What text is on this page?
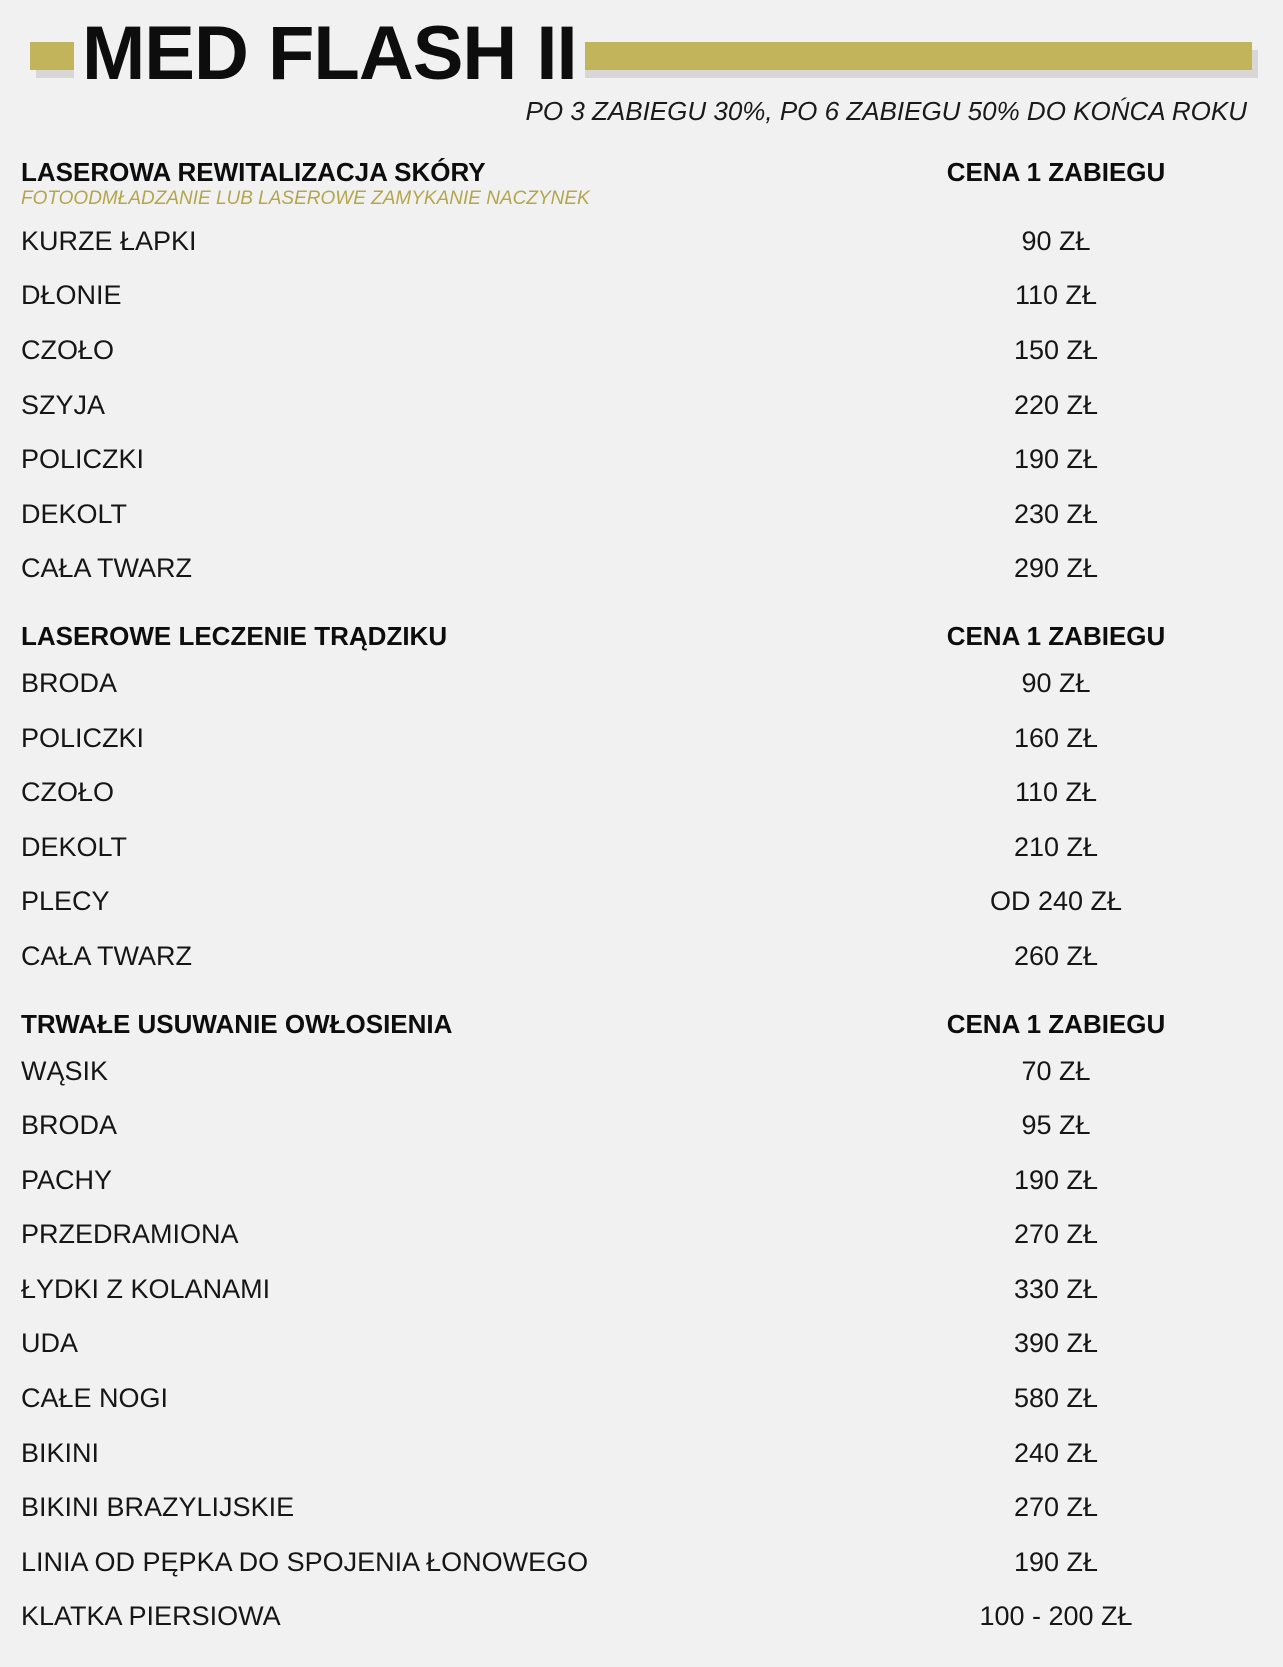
MED FLASH II
PO 3 ZABIEGU 30%, PO 6 ZABIEGU 50% DO KOŃCA ROKU
LASEROWA REWITALIZACJA SKÓRY	CENA 1 ZABIEGU
FOTOODMŁADZANIE LUB LASEROWE ZAMYKANIE NACZYNEK
KURZE ŁAPKI	90 ZŁ
DŁONIE	110 ZŁ
CZOŁO	150 ZŁ
SZYJA	220 ZŁ
POLICZKI	190 ZŁ
DEKOLT	230 ZŁ
CAŁA TWARZ	290 ZŁ
LASEROWE LECZENIE TRĄDZIKU	CENA 1 ZABIEGU
BRODA	90 ZŁ
POLICZKI	160 ZŁ
CZOŁO	110 ZŁ
DEKOLT	210 ZŁ
PLECY	OD 240 ZŁ
CAŁA TWARZ	260 ZŁ
TRWAŁE USUWANIE OWŁOSIENIA	CENA 1 ZABIEGU
WĄSIK	70 ZŁ
BRODA	95 ZŁ
PACHY	190 ZŁ
PRZEDRAMIONA	270 ZŁ
ŁYDKI Z KOLANAMI	330 ZŁ
UDA	390 ZŁ
CAŁE NOGI	580 ZŁ
BIKINI	240 ZŁ
BIKINI BRAZYLIJSKIE	270 ZŁ
LINIA OD PĘPKA DO SPOJENIA ŁONOWEGO	190 ZŁ
KLATKA PIERSIOWA	100 - 200 ZŁ
